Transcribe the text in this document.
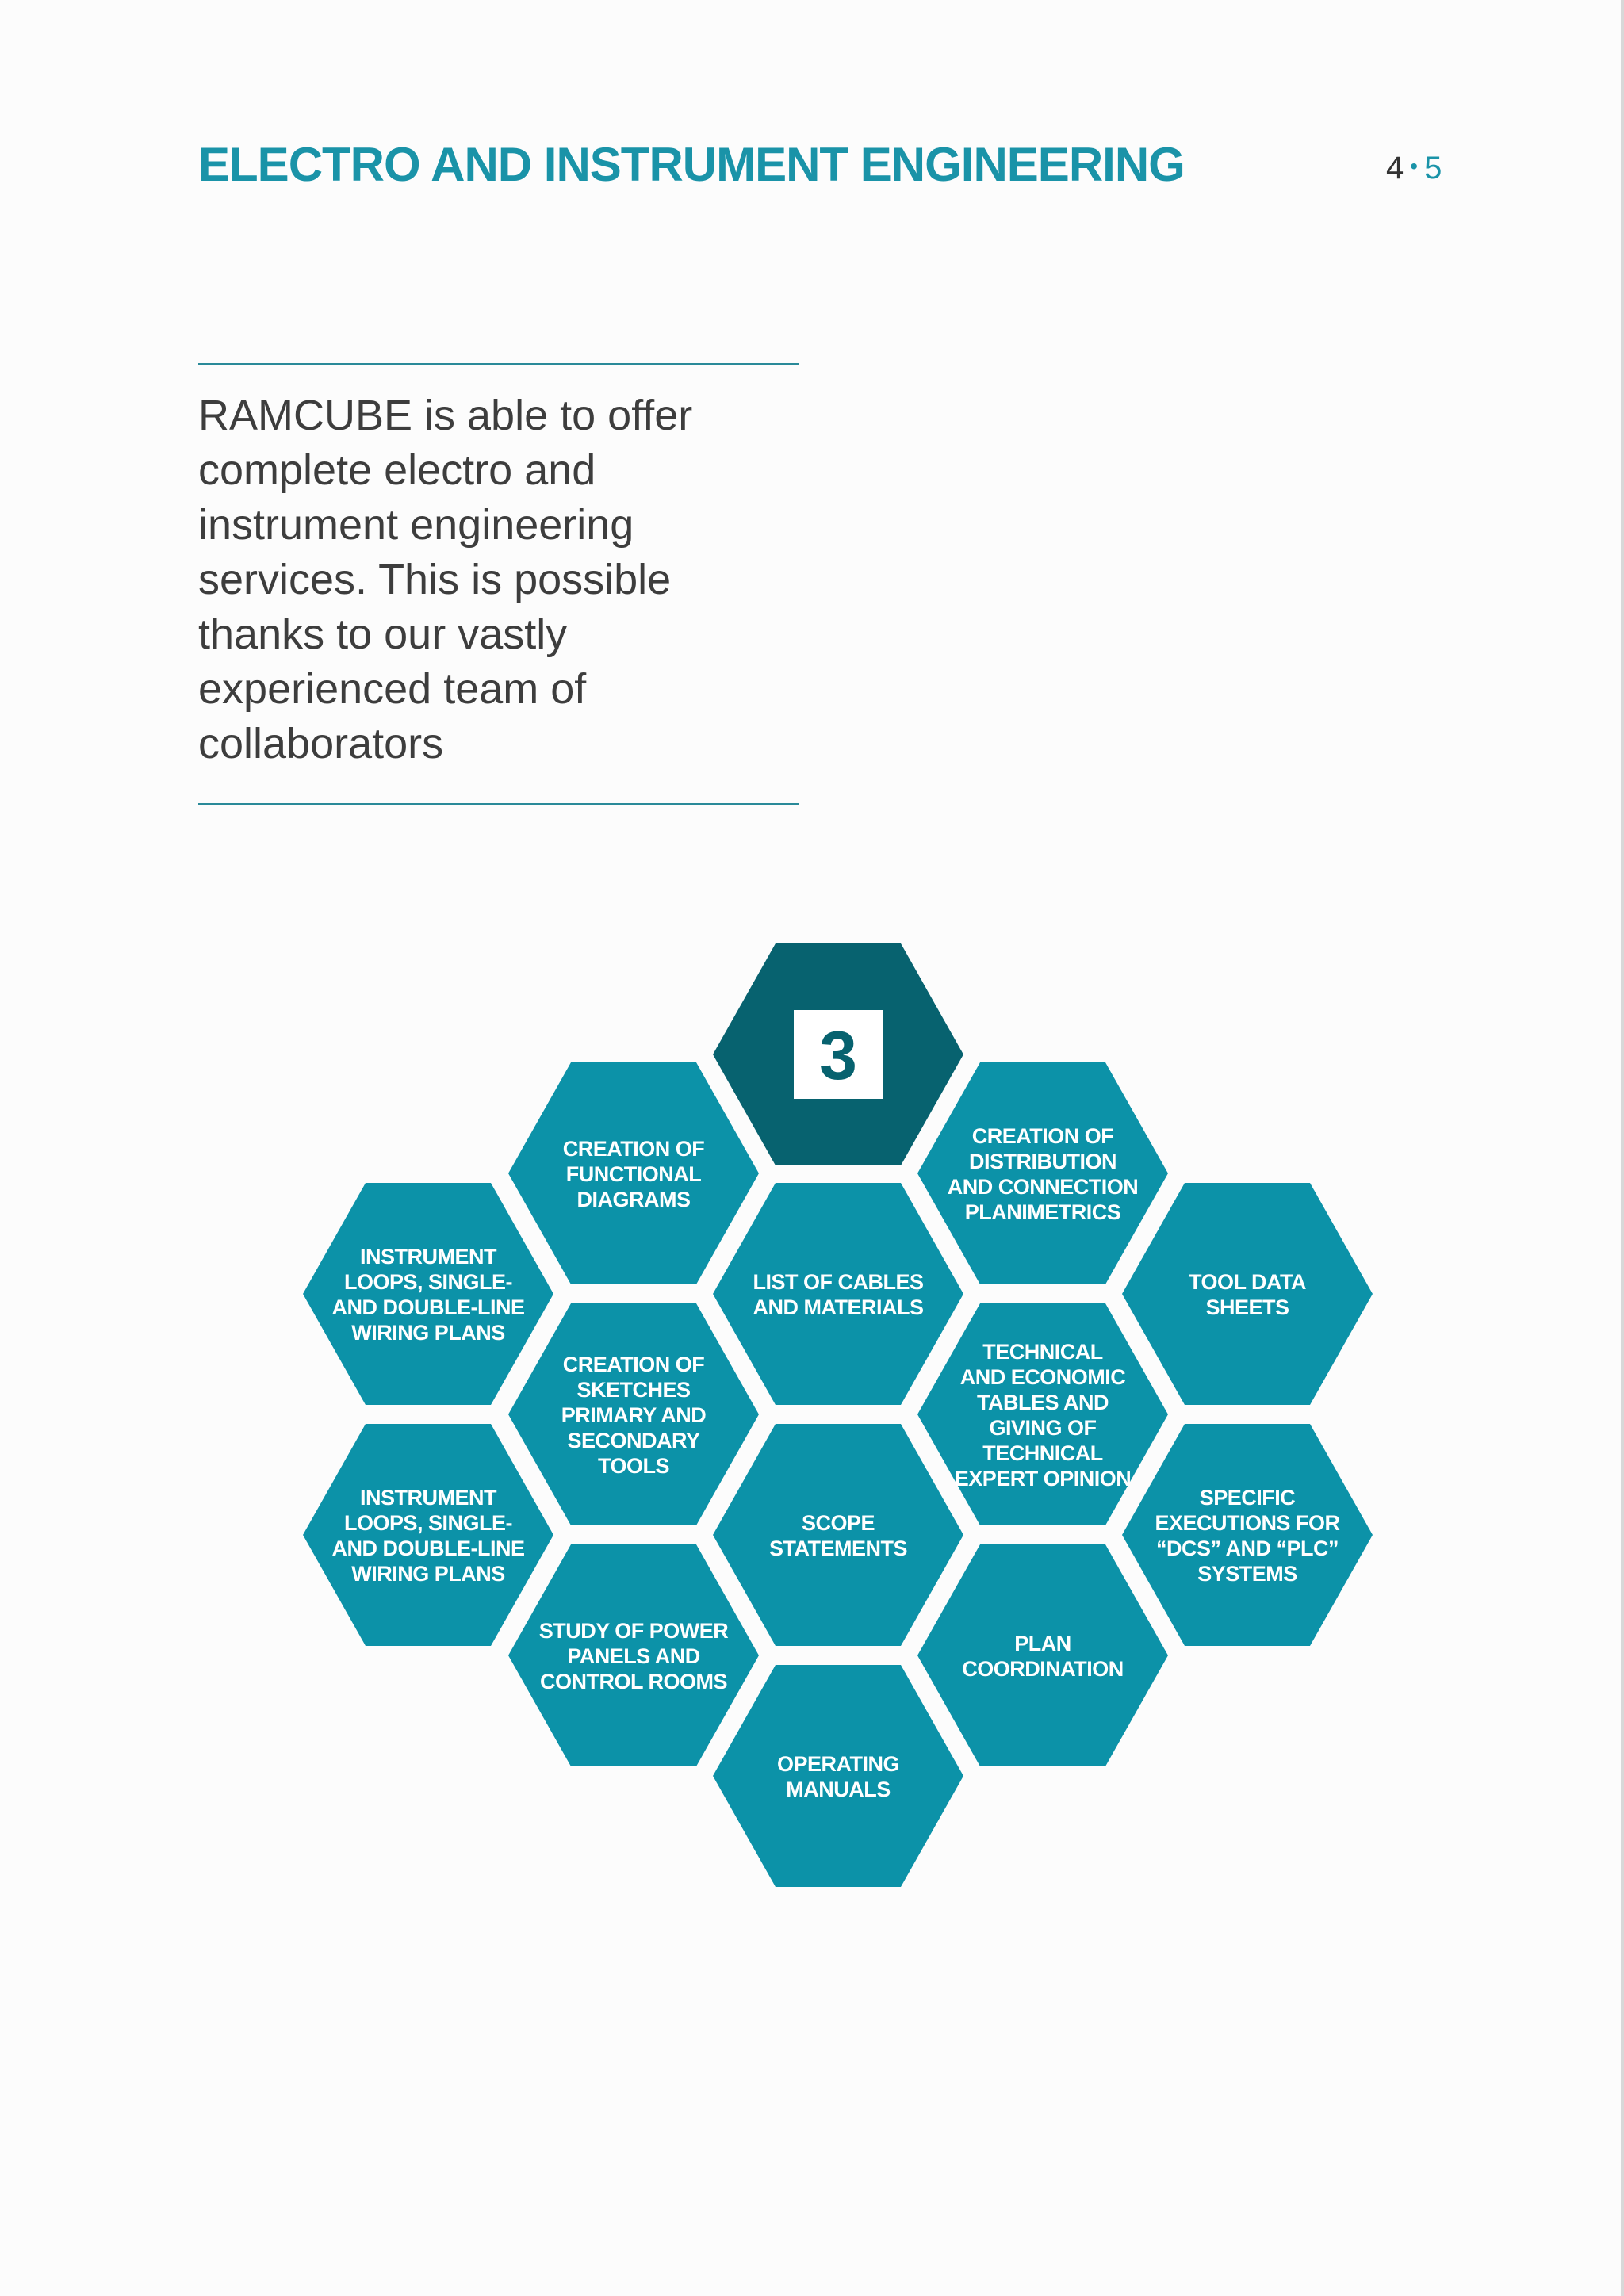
ELECTRO AND INSTRUMENT ENGINEERING	4 • 5

RAMCUBE is able to offer complete electro and instrument engineering services. This is possible thanks to our vastly experienced team of collaborators

3
CREATION OF
FUNCTIONAL
DIAGRAMS
CREATION OF
DISTRIBUTION
AND CONNECTION
PLANIMETRICS
INSTRUMENT
LOOPS, SINGLE-
AND DOUBLE-LINE
WIRING PLANS
LIST OF CABLES
AND MATERIALS
TOOL DATA
SHEETS
CREATION OF
SKETCHES
PRIMARY AND
SECONDARY
TOOLS
TECHNICAL
AND ECONOMIC
TABLES AND
GIVING OF
TECHNICAL
EXPERT OPINION
INSTRUMENT
LOOPS, SINGLE-
AND DOUBLE-LINE
WIRING PLANS
SCOPE
STATEMENTS
SPECIFIC
EXECUTIONS FOR
“DCS” AND “PLC”
SYSTEMS
STUDY OF POWER
PANELS AND
CONTROL ROOMS
PLAN
COORDINATION
OPERATING
MANUALS
